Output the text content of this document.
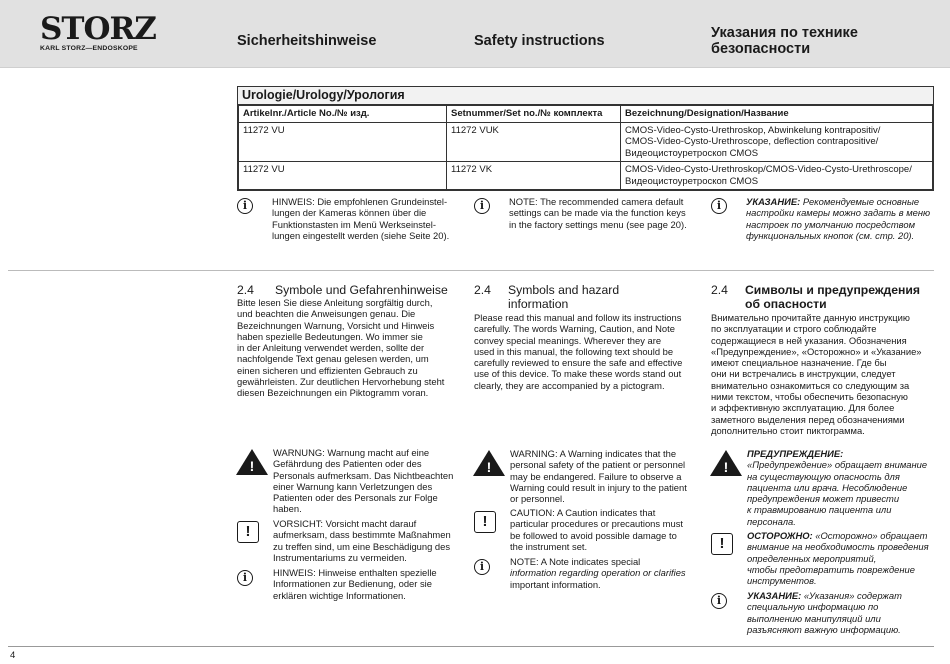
STORZ
KARL STORZ—ENDOSKOPE	Sicherheitshinweise	Safety instructions	Указания по технике
безопасности
Urologie/Urology/Урология
Artikelnr./Article No./№ изд.	Setnummer/Set no./№ комплекта	Bezeichnung/Designation/Название
11272 VU	11272 VUK	CMOS-Video-Cysto-Urethroskop, Abwinkelung kontrapositiv/
CMOS-Video-Cysto-Urethroscope, deflection contrapositive/
Видеоцистоуретроскоп CMOS

11272 VU	11272 VK	CMOS-Video-Cysto-Urethroskop/CMOS-Video-Cysto-Urethroscope/
Видеоцистоуретроскоп CMOS
i	HINWEIS: Die empfohlenen Grundeinstel-
lungen der Kameras können über die
Funktionstasten im Menü Werkseinstel-
lungen eingestellt werden (siehe Seite 20).
i	NOTE: The recommended camera default
settings can be made via the function keys
in the factory settings menu (see page 20).
i	УКАЗАНИЕ: Рекомендуемые основные
настройки камеры можно задать в меню
настроек по умолчанию посредством
функциональных кнопок (см. стр. 20).
2.4 Symbole und Gefahrenhinweise
Bitte lesen Sie diese Anleitung sorgfältig durch,
und beachten die Anweisungen genau. Die
Bezeichnungen Warnung, Vorsicht und Hinweis
haben spezielle Bedeutungen. Wo immer sie
in der Anleitung verwendet werden, sollte der
nachfolgende Text genau gelesen werden, um
einen sicheren und effizienten Gebrauch zu
gewährleisten. Zur deutlichen Hervorhebung steht
diesen Bezeichnungen ein Piktogramm voran.
!
WARNUNG: Warnung macht auf eine
Gefährdung des Patienten oder des
Personals aufmerksam. Das Nichtbeachten
einer Warnung kann Verletzungen des
Patienten oder des Personals zur Folge
haben.
!	VORSICHT: Vorsicht macht darauf
aufmerksam, dass bestimmte Maßnahmen
zu treffen sind, um eine Beschädigung des
Instrumentariums zu vermeiden.
i	HINWEIS: Hinweise enthalten spezielle
Informationen zur Bedienung, oder sie
erklären wichtige Informationen.
2.4 Symbols and hazard
information
Please read this manual and follow its instructions
carefully. The words Warning, Caution, and Note
convey special meanings. Wherever they are
used in this manual, the following text should be
carefully reviewed to ensure the safe and effective
use of this device. To make these words stand out
clearly, they are accompanied by a pictogram.
!
WARNING: A Warning indicates that the
personal safety of the patient or personnel
may be endangered. Failure to observe a
Warning could result in injury to the patient
or personnel.
!
CAUTION: A Caution indicates that
particular procedures or precautions must
be followed to avoid possible damage to
the instrument set.
i	NOTE: A Note indicates special
information regarding operation or clarifies
important information.
2.4 Символы и предупреждения
об опасности
Внимательно прочитайте данную инструкцию
по эксплуатации и строго соблюдайте
содержащиеся в ней указания. Обозначения
«Предупреждение», «Осторожно» и «Указание»
имеют специальное назначение. Где бы
они ни встречались в инструкции, следует
внимательно ознакомиться со следующим за
ними текстом, чтобы обеспечить безопасную
и эффективную эксплуатацию. Для более
заметного выделения перед обозначениями
дополнительно стоит пиктограмма.
!
ПРЕДУПРЕЖДЕНИЕ:
«Предупреждение» обращает внимание
на существующую опасность для
пациента или врача. Несоблюдение
предупреждения может привести
к травмированию пациента или
персонала.
!	ОСТОРОЖНО: «Осторожно» обращает
внимание на необходимость проведения
определенных мероприятий,
чтобы предотвратить повреждение
инструментов.
i	УКАЗАНИЕ: «Указания» содержат
специальную информацию по
выполнению манипуляций или
разъясняют важную информацию.
4
